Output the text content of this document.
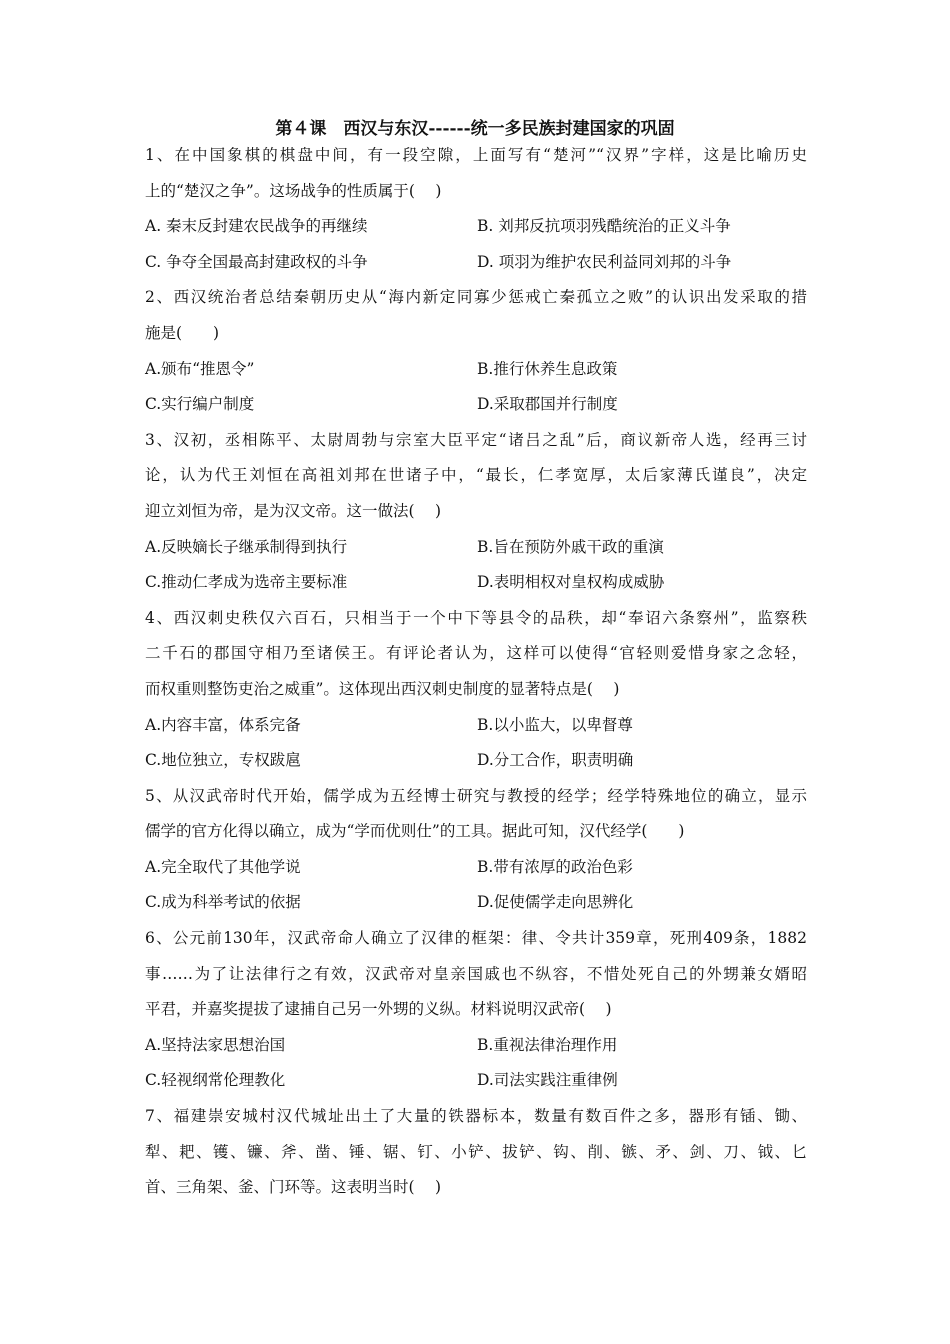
第４课　西汉与东汉------统一多民族封建国家的巩固
1、在中国象棋的棋盘中间，有一段空隙，上面写有“楚河”“汉界”字样，这是比喻历史
上的“楚汉之争”。这场战争的性质属于(　 )
A. 秦末反封建农民战争的再继续	B. 刘邦反抗项羽残酷统治的正义斗争
C. 争夺全国最高封建政权的斗争	D. 项羽为维护农民利益同刘邦的斗争
2、西汉统治者总结秦朝历史从“海内新定同寡少惩戒亡秦孤立之败”的认识出发采取的措
施是(　　)
A.颁布“推恩令”	B.推行休养生息政策
C.实行编户制度	D.采取郡国并行制度
3、汉初，丞相陈平、太尉周勃与宗室大臣平定“诸吕之乱”后，商议新帝人选，经再三讨
论，认为代王刘恒在高祖刘邦在世诸子中，“最长，仁孝宽厚，太后家薄氏谨良”，决定
迎立刘恒为帝，是为汉文帝。这一做法(　 )
A.反映嫡长子继承制得到执行	B.旨在预防外戚干政的重演
C.推动仁孝成为选帝主要标准	D.表明相权对皇权构成威胁
4、西汉刺史秩仅六百石，只相当于一个中下等县令的品秩，却“奉诏六条察州”，监察秩
二千石的郡国守相乃至诸侯王。有评论者认为，这样可以使得“官轻则爱惜身家之念轻，
而权重则整饬吏治之威重”。这体现出西汉刺史制度的显著特点是(　 )
A.内容丰富，体系完备	B.以小监大，以卑督尊
C.地位独立，专权跋扈	D.分工合作，职责明确
5、从汉武帝时代开始，儒学成为五经博士研究与教授的经学；经学特殊地位的确立，显示
儒学的官方化得以确立，成为“学而优则仕”的工具。据此可知，汉代经学(　　)
A.完全取代了其他学说	B.带有浓厚的政治色彩
C.成为科举考试的依据	D.促使儒学走向思辨化
6、公元前130年，汉武帝命人确立了汉律的框架：律、令共计359章，死刑409条，1882
事……为了让法律行之有效，汉武帝对皇亲国戚也不纵容，不惜处死自己的外甥兼女婿昭
平君，并嘉奖提拔了逮捕自己另一外甥的义纵。材料说明汉武帝(　 )
A.坚持法家思想治国	B.重视法律治理作用
C.轻视纲常伦理教化	D.司法实践注重律例
7、福建崇安城村汉代城址出土了大量的铁器标本，数量有数百件之多，器形有锸、锄、
犁、耙、镬、镰、斧、凿、锤、锯、钉、小铲、拔铲、钩、削、镞、矛、剑、刀、钺、匕
首、三角架、釜、门环等。这表明当时(　 )
